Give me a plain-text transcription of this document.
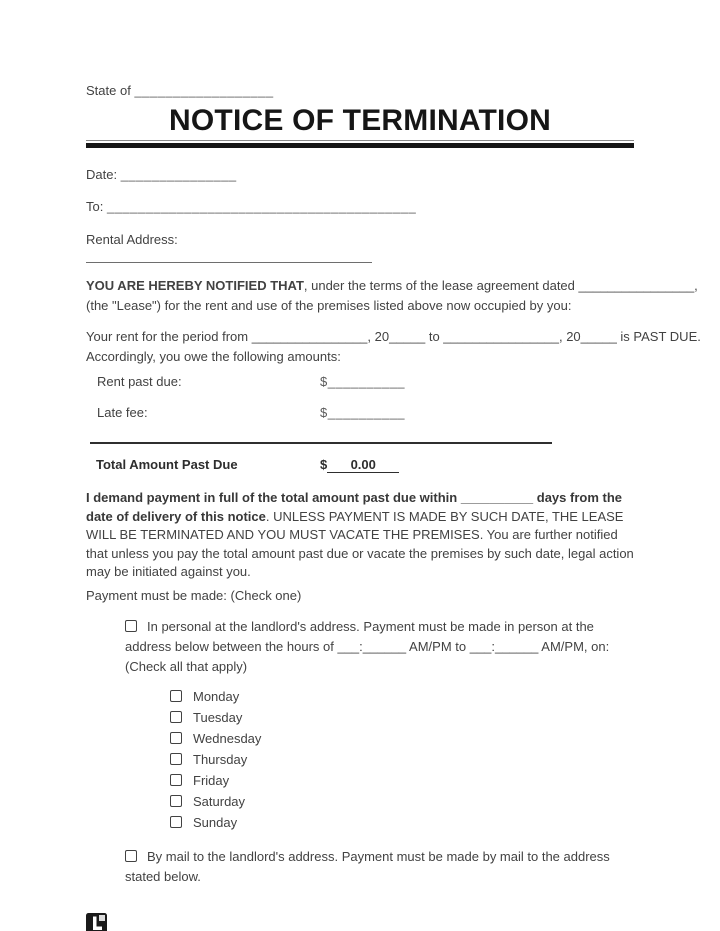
State of __________________
NOTICE OF TERMINATION
Date: _______________
To: ________________________________________
Rental Address:
YOU ARE HEREBY NOTIFIED THAT, under the terms of the lease agreement dated ________________,
(the "Lease") for the rent and use of the premises listed above now occupied by you:
Your rent for the period from ________________, 20_____ to ________________, 20_____ is PAST DUE.
Accordingly, you owe the following amounts:
Rent past due:	$__________
Late fee:	$__________
Total Amount Past Due	$ 0.00
I demand payment in full of the total amount past due within __________ days from the date of delivery of this notice. UNLESS PAYMENT IS MADE BY SUCH DATE, THE LEASE WILL BE TERMINATED AND YOU MUST VACATE THE PREMISES. You are further notified that unless you pay the total amount past due or vacate the premises by such date, legal action may be initiated against you.
Payment must be made: (Check one)
In personal at the landlord's address. Payment must be made in person at the address below between the hours of ___:______ AM/PM to ___:______ AM/PM, on: (Check all that apply)
Monday
Tuesday
Wednesday
Thursday
Friday
Saturday
Sunday
By mail to the landlord's address. Payment must be made by mail to the address stated below.
